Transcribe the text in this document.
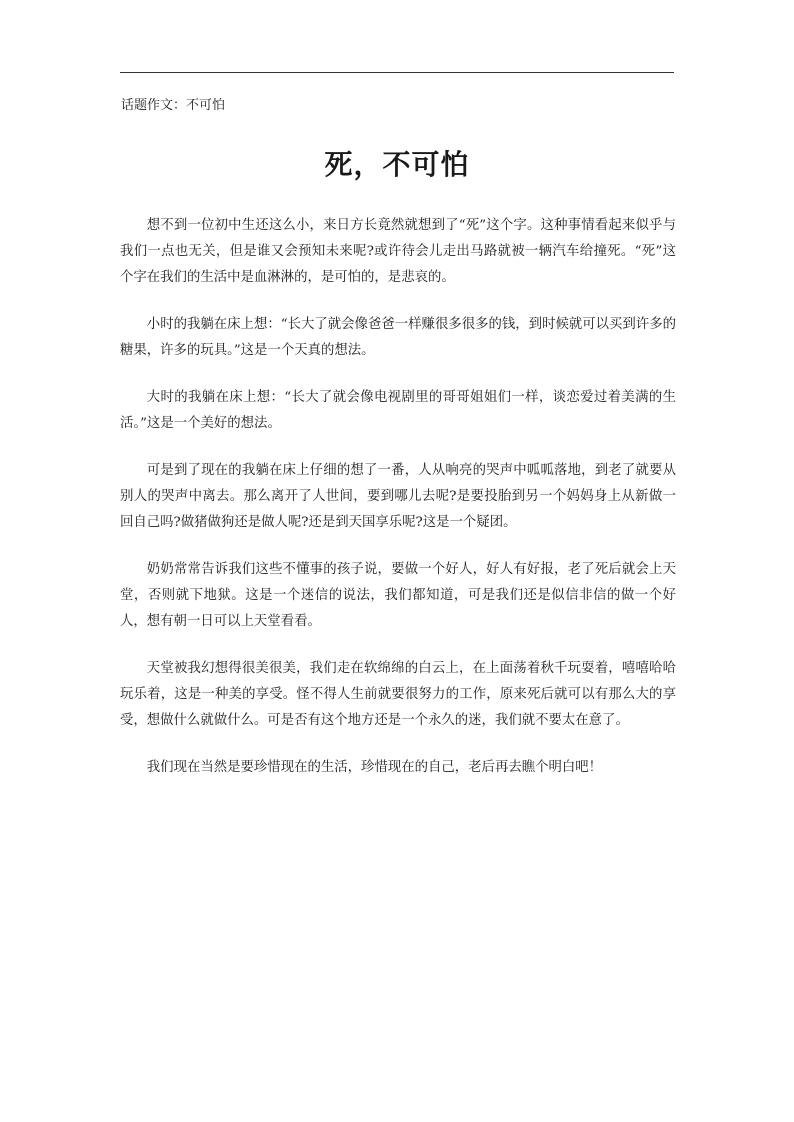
话题作文：不可怕
死，不可怕

想不到一位初中生还这么小，来日方长竟然就想到了“死”这个字。这种事情看起来似乎与我们一点也无关，但是谁又会预知未来呢?或许待会儿走出马路就被一辆汽车给撞死。“死”这个字在我们的生活中是血淋淋的，是可怕的，是悲哀的。

小时的我躺在床上想：“长大了就会像爸爸一样赚很多很多的钱，到时候就可以买到许多的糖果，许多的玩具。”这是一个天真的想法。

大时的我躺在床上想：“长大了就会像电视剧里的哥哥姐姐们一样，谈恋爱过着美满的生活。”这是一个美好的想法。

可是到了现在的我躺在床上仔细的想了一番，人从响亮的哭声中呱呱落地，到老了就要从别人的哭声中离去。那么离开了人世间，要到哪儿去呢?是要投胎到另一个妈妈身上从新做一回自己吗?做猪做狗还是做人呢?还是到天国享乐呢?这是一个疑团。

奶奶常常告诉我们这些不懂事的孩子说，要做一个好人，好人有好报，老了死后就会上天堂，否则就下地狱。这是一个迷信的说法，我们都知道，可是我们还是似信非信的做一个好人，想有朝一日可以上天堂看看。

天堂被我幻想得很美很美，我们走在软绵绵的白云上，在上面荡着秋千玩耍着，嘻嘻哈哈玩乐着，这是一种美的享受。怪不得人生前就要很努力的工作，原来死后就可以有那么大的享受，想做什么就做什么。可是否有这个地方还是一个永久的迷，我们就不要太在意了。

我们现在当然是要珍惜现在的生活，珍惜现在的自己，老后再去瞧个明白吧！
